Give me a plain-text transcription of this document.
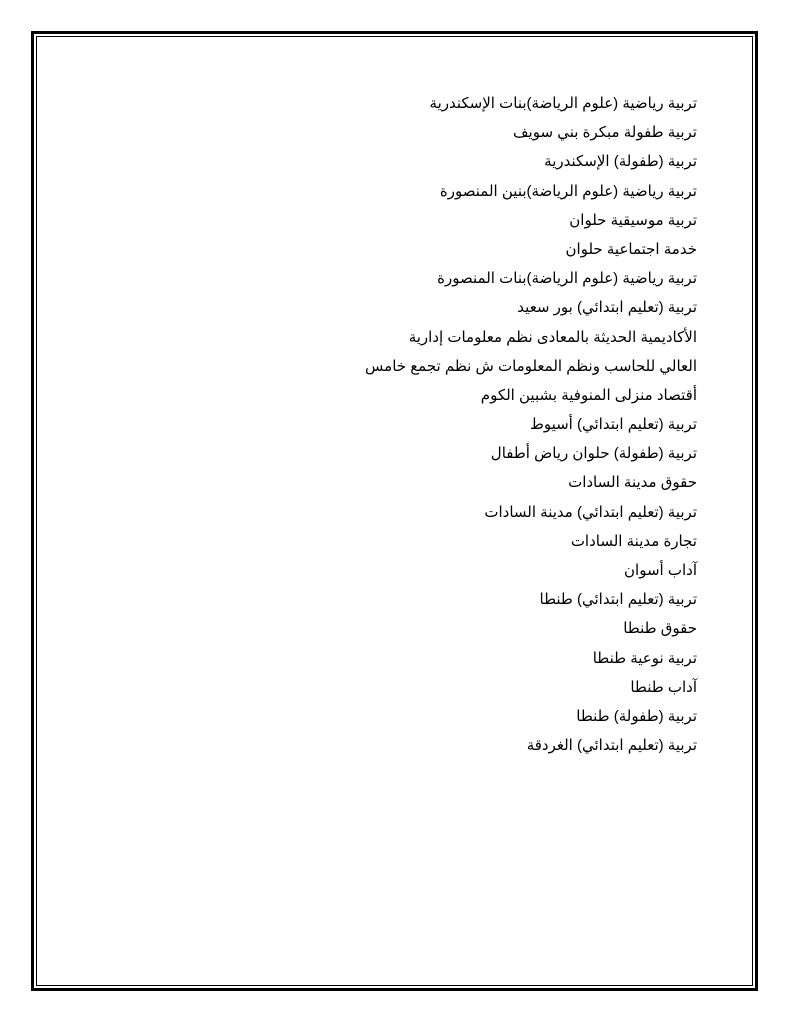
تربية رياضية (علوم الرياضة)بنات الإسكندرية
تربية طفولة مبكرة بني سويف
تربية (طفولة) الإسكندرية
تربية رياضية (علوم الرياضة)بنين المنصورة
تربية موسيقية حلوان
خدمة اجتماعية حلوان
تربية رياضية (علوم الرياضة)بنات المنصورة
تربية (تعليم ابتدائي) بور سعيد
الأكاديمية الحديثة بالمعادى نظم معلومات إدارية
العالي للحاسب ونظم المعلومات ش نظم تجمع خامس
أقتصاد منزلى المنوفية بشبين الكوم
تربية (تعليم ابتدائي) أسيوط
تربية (طفولة) حلوان رياض أطفال
حقوق مدينة السادات
تربية (تعليم ابتدائي) مدينة السادات
تجارة مدينة السادات
آداب أسوان
تربية (تعليم ابتدائي) طنطا
حقوق طنطا
تربية نوعية طنطا
آداب طنطا
تربية (طفولة) طنطا
تربية (تعليم ابتدائي) الغردقة
